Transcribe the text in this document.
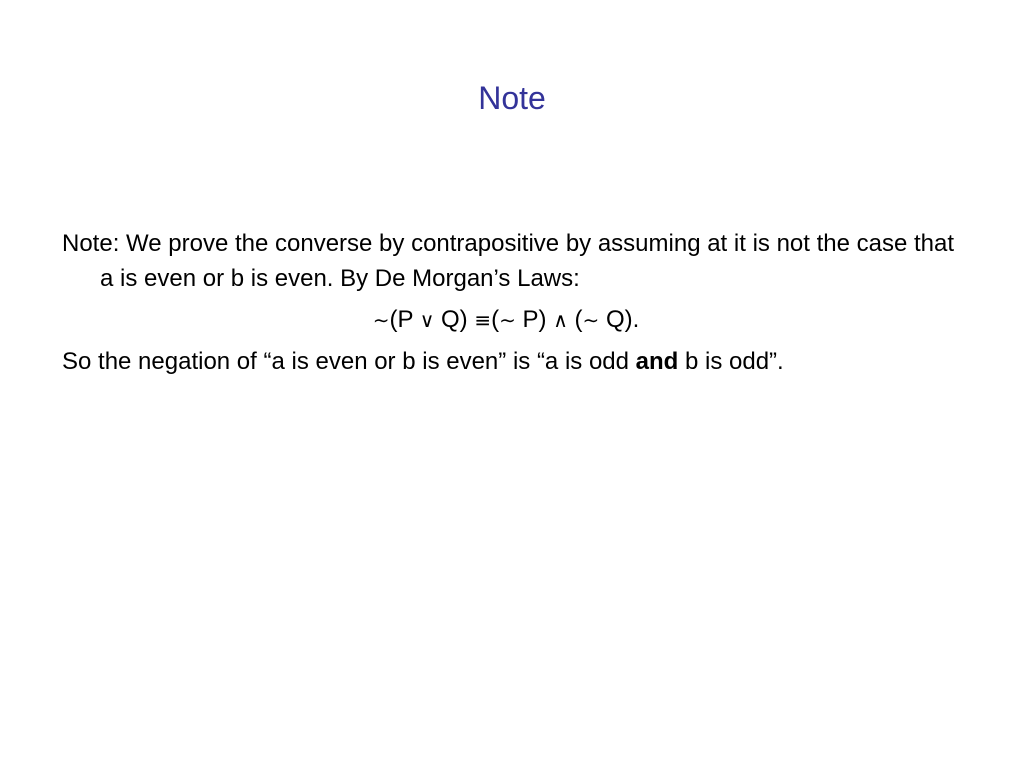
Note

Note: We prove the converse by contrapositive by assuming at it is not the case that a is even or b is even. By De Morgan’s Laws:

∼(P ∨ Q) ≡(∼ P) ∧ (∼ Q).

So the negation of “a is even or b is even” is “a is odd and b is odd”.
